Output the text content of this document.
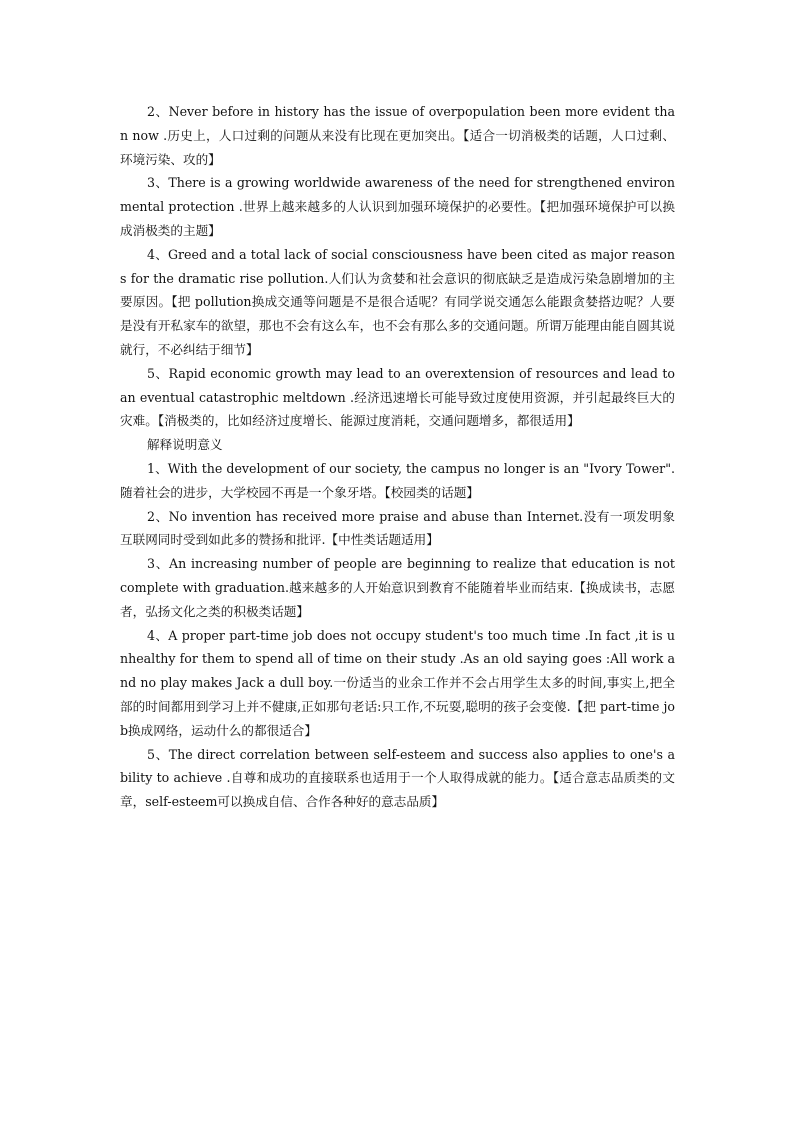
2、Never before in history has the issue of overpopulation been more evident than now .历史上，人口过剩的问题从来没有比现在更加突出。【适合一切消极类的话题，人口过剩、环境污染、攻的】

3、There is a growing worldwide awareness of the need for strengthened environmental protection .世界上越来越多的人认识到加强环境保护的必要性。【把加强环境保护可以换成消极类的主题】

4、Greed and a total lack of social consciousness have been cited as major reasons for the dramatic rise pollution.人们认为贪婪和社会意识的彻底缺乏是造成污染急剧增加的主要原因。【把 pollution换成交通等问题是不是很合适呢？有同学说交通怎么能跟贪婪搭边呢？人要是没有开私家车的欲望，那也不会有这么车，也不会有那么多的交通问题。所谓万能理由能自圆其说就行，不必纠结于细节】

5、Rapid economic growth may lead to an overextension of resources and lead to an eventual catastrophic meltdown .经济迅速增长可能导致过度使用资源，并引起最终巨大的灾难。【消极类的，比如经济过度增长、能源过度消耗，交通问题增多，都很适用】

解释说明意义

1、With the development of our society, the campus no longer is an "Ivory Tower".随着社会的进步，大学校园不再是一个象牙塔。【校园类的话题】

2、No invention has received more praise and abuse than Internet.没有一项发明象互联网同时受到如此多的赞扬和批评.【中性类话题适用】

3、An increasing number of people are beginning to realize that education is not complete with graduation.越来越多的人开始意识到教育不能随着毕业而结束.【换成读书，志愿者，弘扬文化之类的积极类话题】

4、A proper part-time job does not occupy student's too much time .In fact ,it is unhealthy for them to spend all of time on their study .As an old saying goes :All work and no play makes Jack a dull boy.一份适当的业余工作并不会占用学生太多的时间,事实上,把全部的时间都用到学习上并不健康,正如那句老话:只工作,不玩耍,聪明的孩子会变傻.【把 part-time job换成网络，运动什么的都很适合】

5、The direct correlation between self-esteem and success also applies to one's ability to achieve .自尊和成功的直接联系也适用于一个人取得成就的能力。【适合意志品质类的文章，self-esteem可以换成自信、合作各种好的意志品质】
